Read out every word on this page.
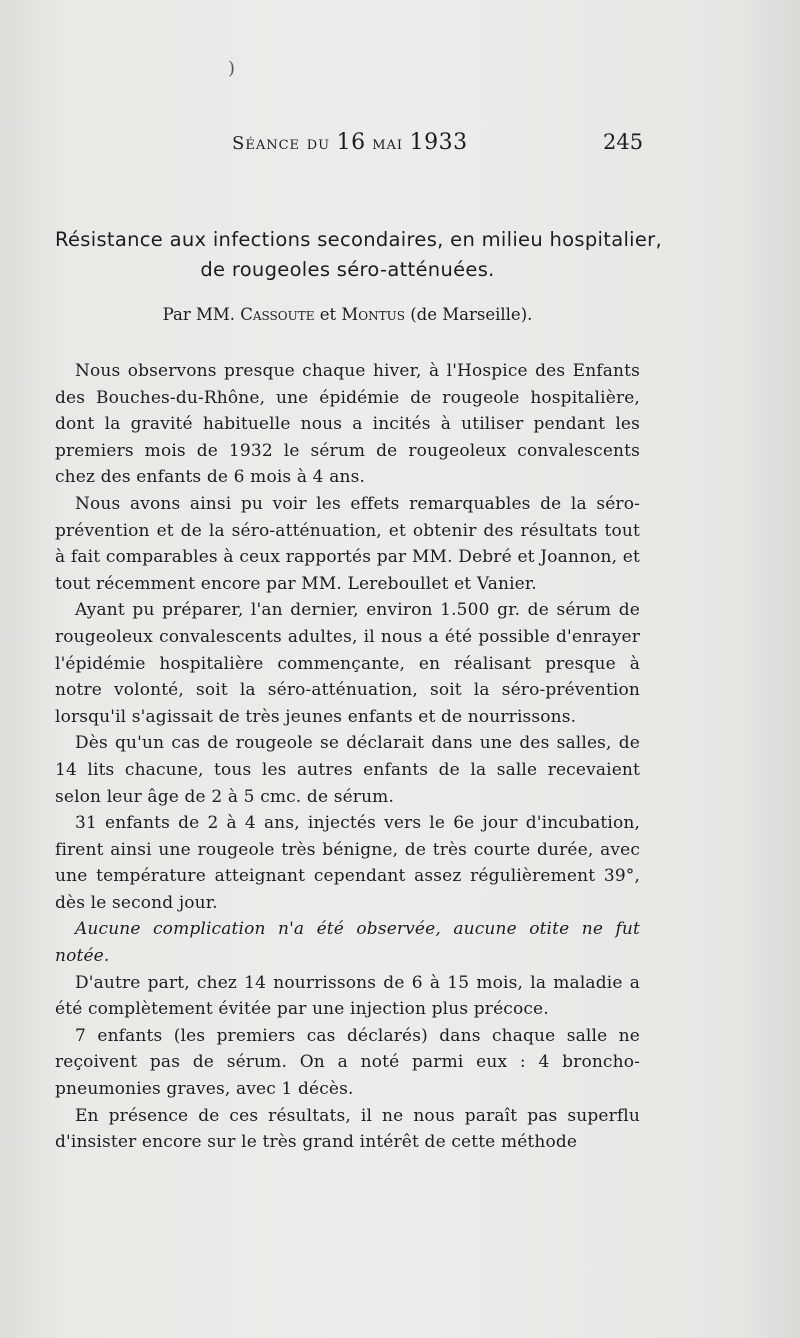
)
Séance du 16 mai 1933	245
Résistance aux infections secondaires, en milieu hospitalier,
de rougeoles séro-atténuées.
Par MM. Cassoute et Montus (de Marseille).

Nous observons presque chaque hiver, à l'Hospice des Enfants des Bouches-du-Rhône, une épidémie de rougeole hospitalière, dont la gravité habituelle nous a incités à utiliser pendant les premiers mois de 1932 le sérum de rougeoleux convalescents chez des enfants de 6 mois à 4 ans.

Nous avons ainsi pu voir les effets remarquables de la séro-prévention et de la séro-atténuation, et obtenir des résultats tout à fait comparables à ceux rapportés par MM. Debré et Joannon, et tout récemment encore par MM. Lereboullet et Vanier.

Ayant pu préparer, l'an dernier, environ 1.500 gr. de sérum de rougeoleux convalescents adultes, il nous a été possible d'enrayer l'épidémie hospitalière commençante, en réalisant presque à notre volonté, soit la séro-atténuation, soit la séro-prévention lorsqu'il s'agissait de très jeunes enfants et de nourrissons.

Dès qu'un cas de rougeole se déclarait dans une des salles, de 14 lits chacune, tous les autres enfants de la salle recevaient selon leur âge de 2 à 5 cmc. de sérum.

31 enfants de 2 à 4 ans, injectés vers le 6e jour d'incubation, firent ainsi une rougeole très bénigne, de très courte durée, avec une température atteignant cependant assez régulièrement 39°, dès le second jour.

Aucune complication n'a été observée, aucune otite ne fut notée.

D'autre part, chez 14 nourrissons de 6 à 15 mois, la maladie a été complètement évitée par une injection plus précoce.

7 enfants (les premiers cas déclarés) dans chaque salle ne reçoivent pas de sérum. On a noté parmi eux : 4 broncho-pneumonies graves, avec 1 décès.

En présence de ces résultats, il ne nous paraît pas superflu d'insister encore sur le très grand intérêt de cette méthode
